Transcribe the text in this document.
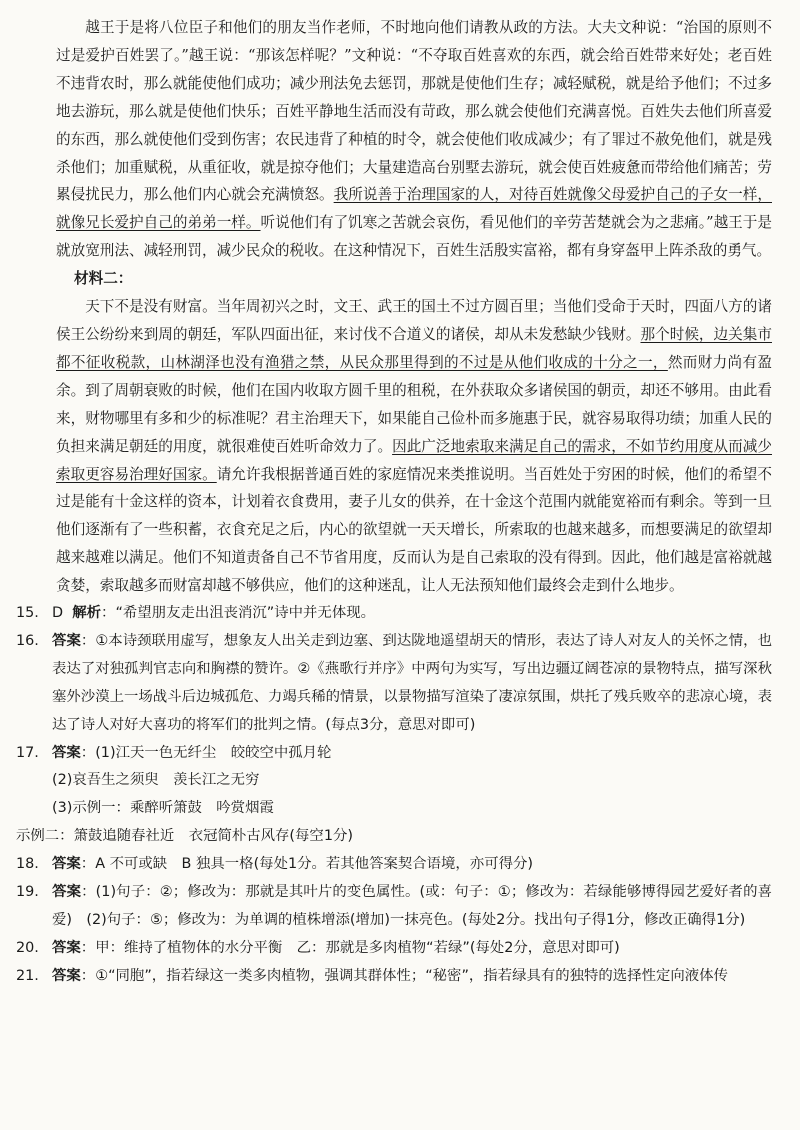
越王于是将八位臣子和他们的朋友当作老师，不时地向他们请教从政的方法。大夫文种说：“治国的原则不过是爱护百姓罢了。”越王说：“那该怎样呢？”文种说：“不夺取百姓喜欢的东西，就会给百姓带来好处；老百姓不违背农时，那么就能使他们成功；减少刑法免去惩罚，那就是使他们生存；减轻赋税，就是给予他们；不过多地去游玩，那么就是使他们快乐；百姓平静地生活而没有苛政，那么就会使他们充满喜悦。百姓失去他们所喜爱的东西，那么就使他们受到伤害；农民违背了种植的时令，就会使他们收成减少；有了罪过不赦免他们，就是残杀他们；加重赋税，从重征收，就是掠夺他们；大量建造高台别墅去游玩，就会使百姓疲惫而带给他们痛苦；劳累侵扰民力，那么他们内心就会充满愤怒。我所说善于治理国家的人，对待百姓就像父母爱护自己的子女一样，就像兄长爱护自己的弟弟一样。听说他们有了饥寒之苦就会哀伤，看见他们的辛劳苦楚就会为之悲痛。”越王于是就放宽刑法、减轻刑罚，减少民众的税收。在这种情况下，百姓生活殷实富裕，都有身穿盔甲上阵杀敌的勇气。

材料二：

天下不是没有财富。当年周初兴之时，文王、武王的国土不过方圆百里；当他们受命于天时，四面八方的诸侯王公纷纷来到周的朝廷，军队四面出征，来讨伐不合道义的诸侯，却从未发愁缺少钱财。那个时候，边关集市都不征收税款，山林湖泽也没有渔猎之禁，从民众那里得到的不过是从他们收成的十分之一，然而财力尚有盈余。到了周朝衰败的时候，他们在国内收取方圆千里的租税，在外获取众多诸侯国的朝贡，却还不够用。由此看来，财物哪里有多和少的标准呢？君主治理天下，如果能自己俭朴而多施惠于民，就容易取得功绩；加重人民的负担来满足朝廷的用度，就很难使百姓听命效力了。因此广泛地索取来满足自己的需求，不如节约用度从而减少索取更容易治理好国家。请允许我根据普通百姓的家庭情况来类推说明。当百姓处于穷困的时候，他们的希望不过是能有十金这样的资本，计划着衣食费用，妻子儿女的供养，在十金这个范围内就能宽裕而有剩余。等到一旦他们逐渐有了一些积蓄，衣食充足之后，内心的欲望就一天天增长，所索取的也越来越多，而想要满足的欲望却越来越难以满足。他们不知道责备自己不节省用度，反而认为是自己索取的没有得到。因此，他们越是富裕就越贪婪，索取越多而财富却越不够供应，他们的这种迷乱，让人无法预知他们最终会走到什么地步。

15. D 解析：“希望朋友走出沮丧消沉”诗中并无体现。

16. 答案：①本诗颈联用虚写，想象友人出关走到边塞、到达陇地遥望胡天的情形，表达了诗人对友人的关怀之情，也表达了对独孤判官志向和胸襟的赞许。②《燕歌行并序》中两句为实写，写出边疆辽阔苍凉的景物特点，描写深秋塞外沙漠上一场战斗后边城孤危、力竭兵稀的情景，以景物描写渲染了凄凉氛围，烘托了残兵败卒的悲凉心境，表达了诗人对好大喜功的将军们的批判之情。(每点3分，意思对即可)

17. 答案：(1)江天一色无纤尘　皎皎空中孤月轮
(2)哀吾生之须臾　羡长江之无穷
(3)示例一：乘醉听箫鼓　吟赏烟霞
示例二：箫鼓追随春社近　衣冠简朴古风存(每空1分)

18. 答案：A 不可或缺　B 独具一格(每处1分。若其他答案契合语境，亦可得分)

19. 答案：(1)句子：②；修改为：那就是其叶片的变色属性。(或：句子：①；修改为：若绿能够博得园艺爱好者的喜爱)　(2)句子：⑤；修改为：为单调的植株增添(增加)一抹亮色。(每处2分。找出句子得1分，修改正确得1分)

20. 答案：甲：维持了植物体的水分平衡　乙：那就是多肉植物“若绿”(每处2分，意思对即可)

21. 答案：①“同胞”，指若绿这一类多肉植物，强调其群体性；“秘密”，指若绿具有的独特的选择性定向液体传
